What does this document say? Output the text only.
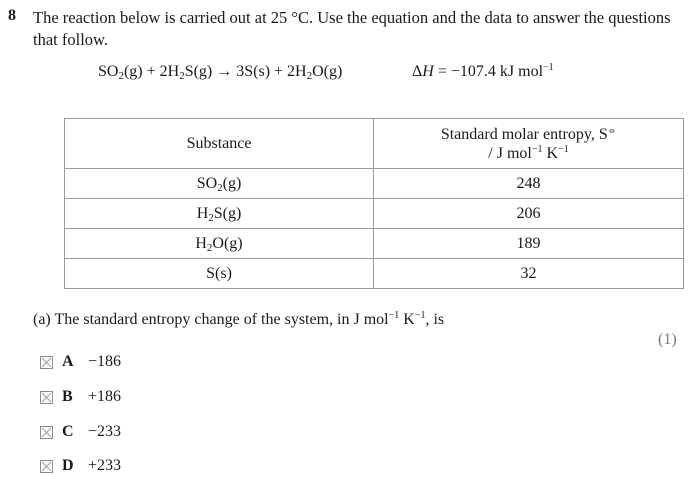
8 The reaction below is carried out at 25 °C. Use the equation and the data to answer the questions that follow.
$SO_2(g) + 2H_2S(g) \to 3S(s) + 2H_2O(g)$	ΔH = −107.4 kJ mol$^{-1}$
Substance	Standard molar entropy, S⦵
/ J mol$^{-1}$ $K^{-1}$
$SO_2(g)$	248
$H_2S(g)$	206
$H_2O(g)$	189
S(s)	32
(a) The standard entropy change of the system, in J mol$^{-1}$ $K^{-1}$, is
(1)
A −186
B +186
C −233
D +233
